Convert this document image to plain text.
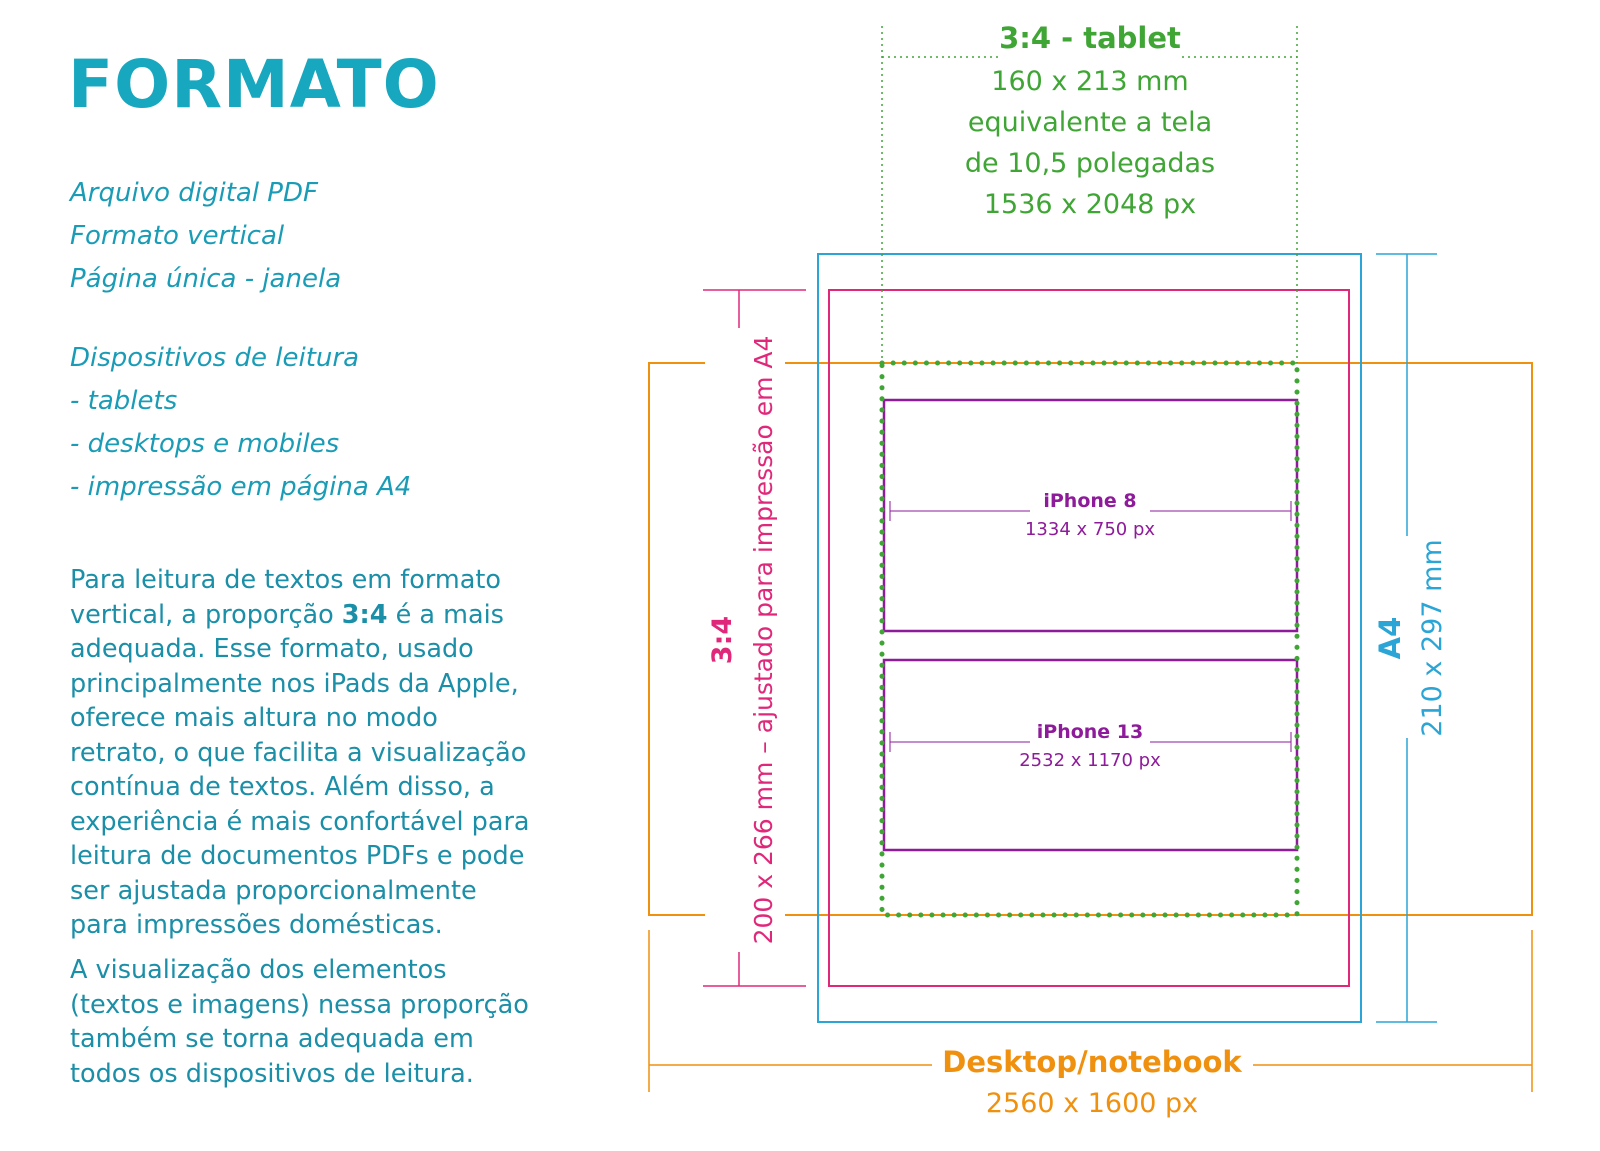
FORMATO
Arquivo digital PDF
Formato vertical
Página única - janela
Dispositivos de leitura
- tablets
- desktops e mobiles
- impressão em página A4

Para leitura de textos em formato vertical, a proporção 3:4 é a mais adequada. Esse formato, usado principalmente nos iPads da Apple, oferece mais altura no modo retrato, o que facilita a visualização contínua de textos. Além disso, a experiência é mais confortável para leitura de documentos PDFs e pode ser ajustada proporcionalmente para impressões domésticas.

A visualização dos elementos (textos e imagens) nessa proporção também se torna adequada em todos os dispositivos de leitura.	Desktop/notebook
2560 x 1600 px
A4 210 x 297 mm
3:4 200 x 266 mm – ajustado para impressão em A4
3:4 - tablet
160 x 213 mm
equivalente a tela
de 10,5 polegadas
1536 x 2048 px
iPhone 8
1334 x 750 px
iPhone 13
2532 x 1170 px
